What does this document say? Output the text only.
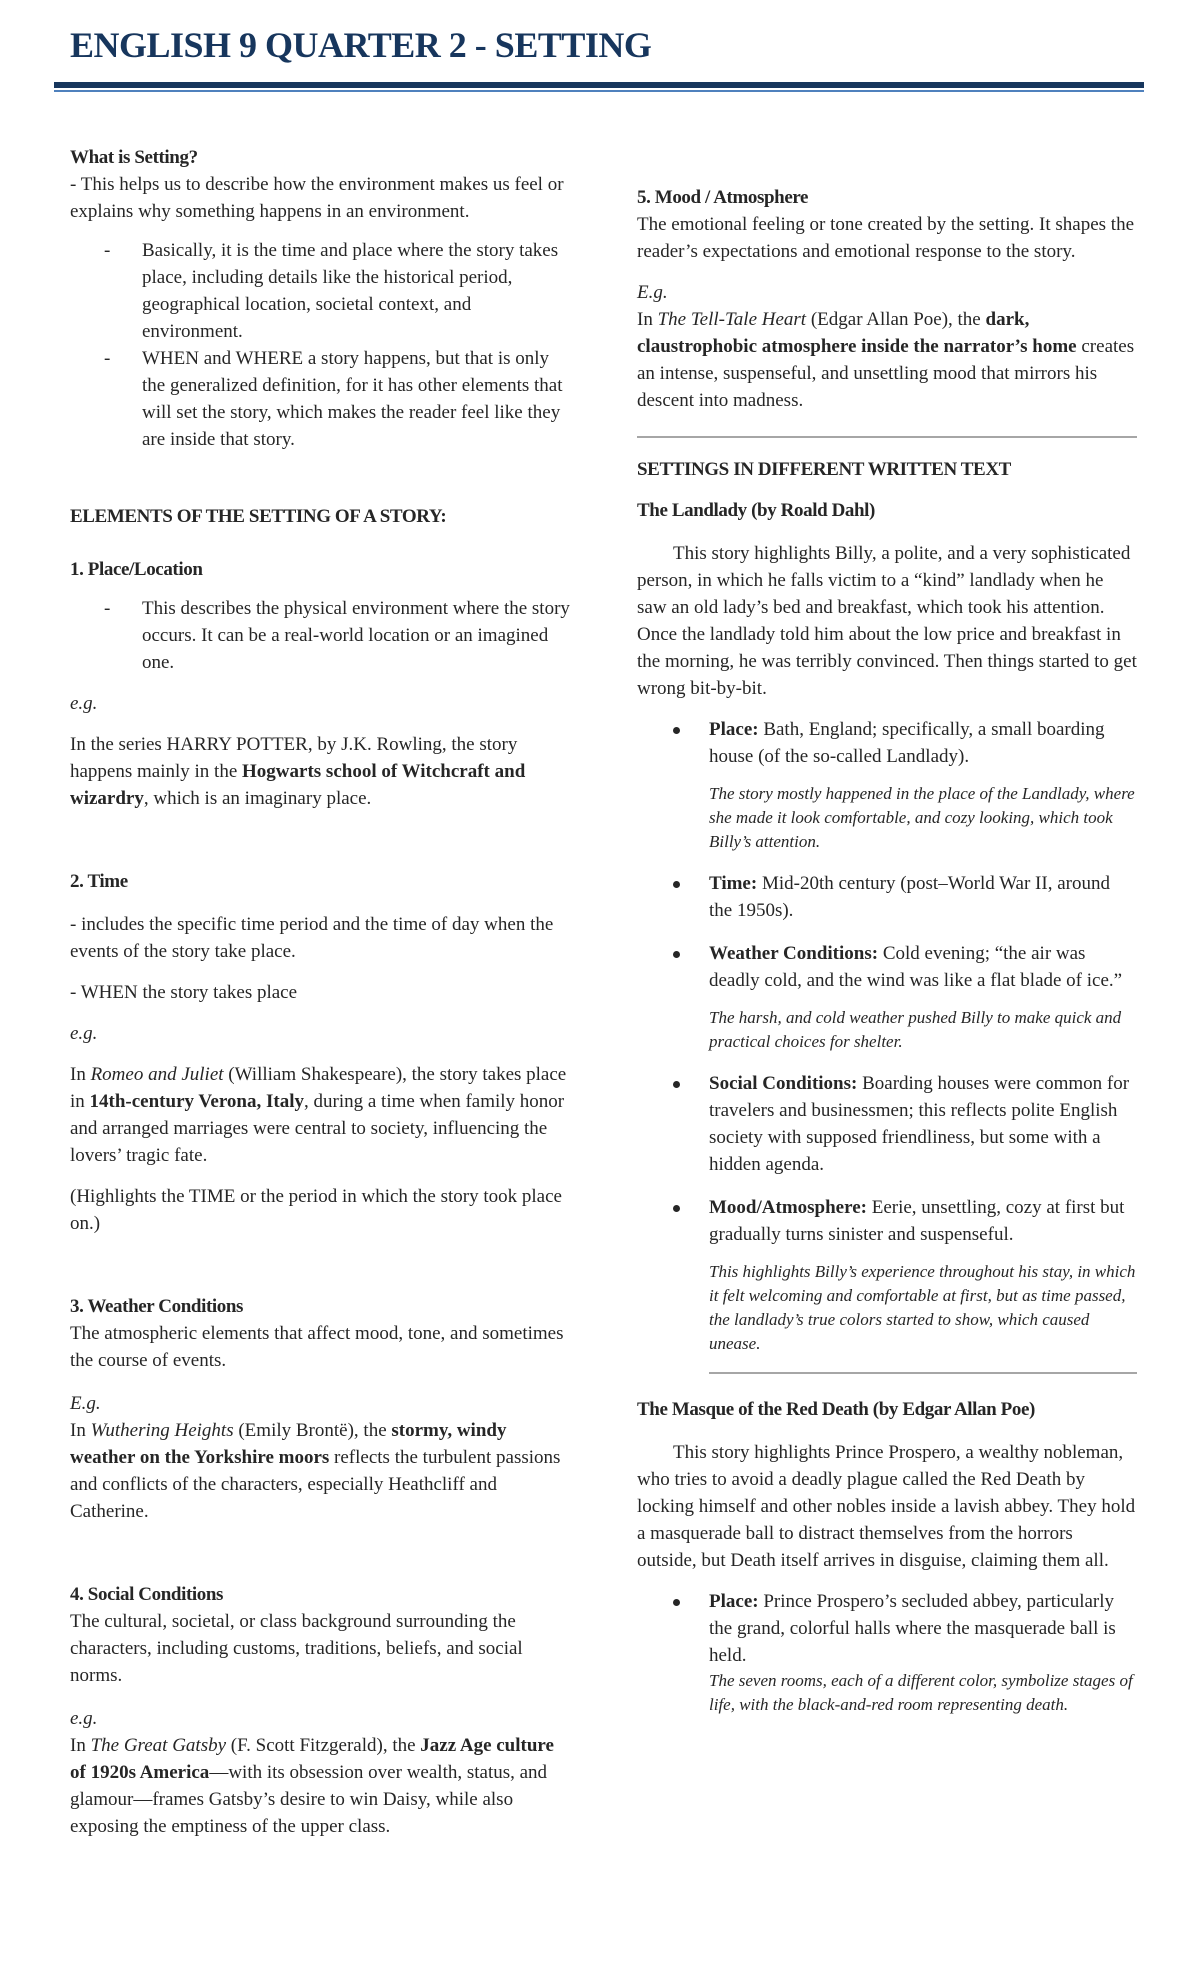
ENGLISH 9 QUARTER 2 - SETTING

What is Setting?

- This helps us to describe how the environment makes us feel or explains why something happens in an environment.

- Basically, it is the time and place where the story takes place, including details like the historical period, geographical location, societal context, and environment.
- WHEN and WHERE a story happens, but that is only the generalized definition, for it has other elements that will set the story, which makes the reader feel like they are inside that story.

ELEMENTS OF THE SETTING OF A STORY:

1. Place/Location

- This describes the physical environment where the story occurs. It can be a real-world location or an imagined one.

e.g.

In the series HARRY POTTER, by J.K. Rowling, the story happens mainly in the Hogwarts school of Witchcraft and wizardry, which is an imaginary place.

2. Time

- includes the specific time period and the time of day when the events of the story take place.

- WHEN the story takes place

e.g.

In Romeo and Juliet (William Shakespeare), the story takes place in 14th-century Verona, Italy, during a time when family honor and arranged marriages were central to society, influencing the lovers’ tragic fate.

(Highlights the TIME or the period in which the story took place on.)

3. Weather Conditions

The atmospheric elements that affect mood, tone, and sometimes the course of events.

E.g.

In Wuthering Heights (Emily Brontë), the stormy, windy weather on the Yorkshire moors reflects the turbulent passions and conflicts of the characters, especially Heathcliff and Catherine.

4. Social Conditions

The cultural, societal, or class background surrounding the characters, including customs, traditions, beliefs, and social norms.

e.g.

In The Great Gatsby (F. Scott Fitzgerald), the Jazz Age culture of 1920s America—with its obsession over wealth, status, and glamour—frames Gatsby’s desire to win Daisy, while also exposing the emptiness of the upper class.

5. Mood / Atmosphere

The emotional feeling or tone created by the setting. It shapes the reader’s expectations and emotional response to the story.

E.g.

In The Tell-Tale Heart (Edgar Allan Poe), the dark, claustrophobic atmosphere inside the narrator’s home creates an intense, suspenseful, and unsettling mood that mirrors his descent into madness.

SETTINGS IN DIFFERENT WRITTEN TEXT

The Landlady (by Roald Dahl)

This story highlights Billy, a polite, and a very sophisticated person, in which he falls victim to a “kind” landlady when he saw an old lady’s bed and breakfast, which took his attention. Once the landlady told him about the low price and breakfast in the morning, he was terribly convinced. Then things started to get wrong bit-by-bit.

Place: Bath, England; specifically, a small boarding house (of the so-called Landlady).

The story mostly happened in the place of the Landlady, where she made it look comfortable, and cozy looking, which took Billy’s attention.

Time: Mid-20th century (post–World War II, around the 1950s).

Weather Conditions: Cold evening; “the air was deadly cold, and the wind was like a flat blade of ice.”

The harsh, and cold weather pushed Billy to make quick and practical choices for shelter.

Social Conditions: Boarding houses were common for travelers and businessmen; this reflects polite English society with supposed friendliness, but some with a hidden agenda.

Mood/Atmosphere: Eerie, unsettling, cozy at first but gradually turns sinister and suspenseful.

This highlights Billy’s experience throughout his stay, in which it felt welcoming and comfortable at first, but as time passed, the landlady’s true colors started to show, which caused unease.

The Masque of the Red Death (by Edgar Allan Poe)

This story highlights Prince Prospero, a wealthy nobleman, who tries to avoid a deadly plague called the Red Death by locking himself and other nobles inside a lavish abbey. They hold a masquerade ball to distract themselves from the horrors outside, but Death itself arrives in disguise, claiming them all.

Place: Prince Prospero’s secluded abbey, particularly the grand, colorful halls where the masquerade ball is held.

The seven rooms, each of a different color, symbolize stages of life, with the black-and-red room representing death.
